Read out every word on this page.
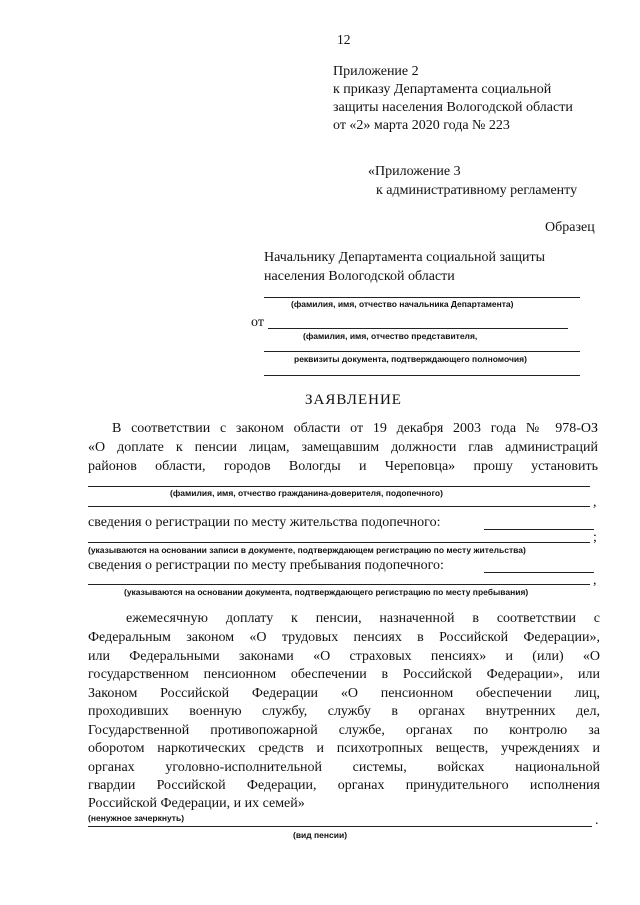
12
Приложение 2
к приказу Департамента социальной
защиты населения Вологодской области
от «2» марта 2020 года № 223
«Приложение 3
к административному регламенту
Образец
Начальнику Департамента социальной защиты
населения Вологодской области
(фамилия, имя, отчество начальника Департамента)
от
(фамилия, имя, отчество представителя,
реквизиты документа, подтверждающего полномочия)
ЗАЯВЛЕНИЕ
В соответствии с законом области от 19 декабря 2003 года № 978-ОЗ
«О доплате к пенсии лицам, замещавшим должности глав администраций
районов области, городов Вологды и Череповца» прошу установить
(фамилия, имя, отчество гражданина-доверителя, подопечного)
,
сведения о регистрации по месту жительства подопечного:
;
(указываются на основании записи в документе, подтверждающем регистрацию по месту жительства)
сведения о регистрации по месту пребывания подопечного:
,
(указываются на основании документа, подтверждающего регистрацию по месту пребывания)
ежемесячную доплату к пенсии, назначенной в соответствии с
Федеральным законом «О трудовых пенсиях в Российской Федерации»,
или Федеральными законами «О страховых пенсиях» и (или) «О
государственном пенсионном обеспечении в Российской Федерации», или
Законом Российской Федерации «О пенсионном обеспечении лиц,
проходивших военную службу, службу в органах внутренних дел,
Государственной противопожарной службе, органах по контролю за
оборотом наркотических средств и психотропных веществ, учреждениях и
органах уголовно-исполнительной системы, войсках национальной
гвардии Российской Федерации, органах принудительного исполнения
Российской Федерации, и их семей»
(ненужное зачеркнуть)	.
(вид пенсии)
